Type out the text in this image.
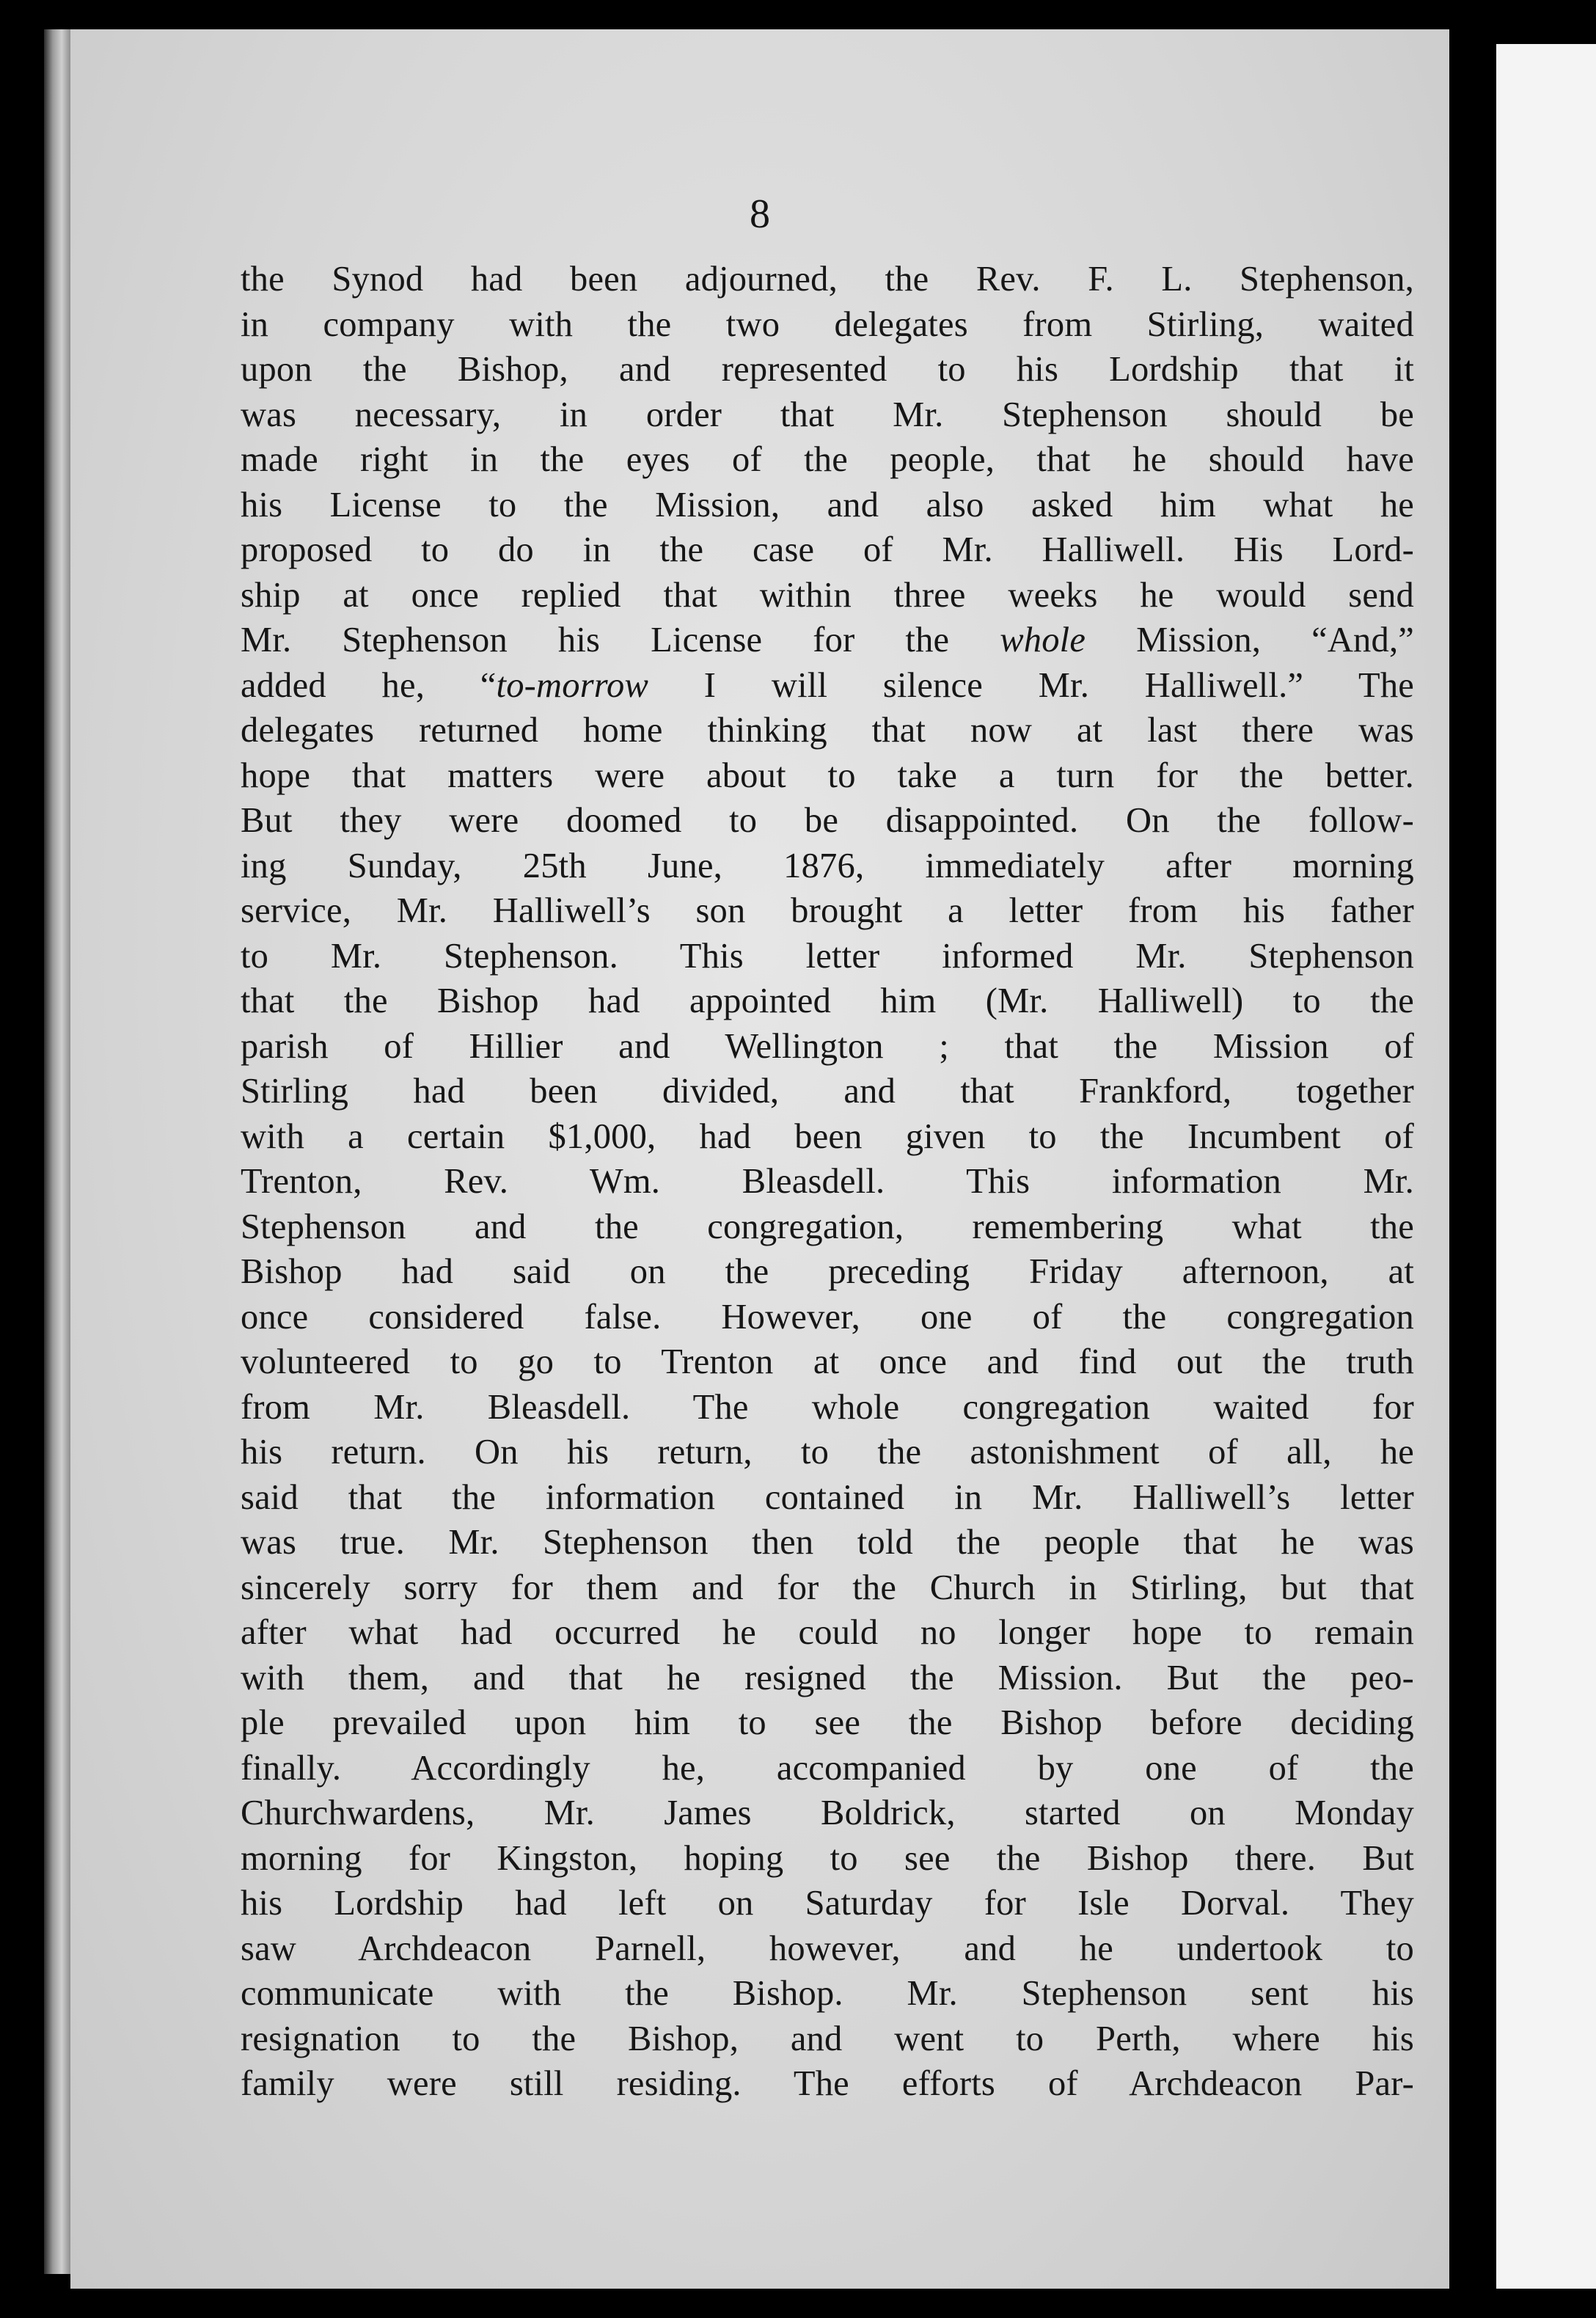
8
the Synod had been adjourned, the Rev. F. L. Stephenson,
in company with the two delegates from Stirling, waited
upon the Bishop, and represented to his Lordship that it
was necessary, in order that Mr. Stephenson should be
made right in the eyes of the people, that he should have
his License to the Mission, and also asked him what he
proposed to do in the case of Mr. Halliwell. His Lord-
ship at once replied that within three weeks he would send
Mr. Stephenson his License for the whole Mission, “And,”
added he, “to-morrow I will silence Mr. Halliwell.” The
delegates returned home thinking that now at last there was
hope that matters were about to take a turn for the better.
But they were doomed to be disappointed. On the follow-
ing Sunday, 25th June, 1876, immediately after morning
service, Mr. Halliwell’s son brought a letter from his father
to Mr. Stephenson. This letter informed Mr. Stephenson
that the Bishop had appointed him (Mr. Halliwell) to the
parish of Hillier and Wellington ; that the Mission of
Stirling had been divided, and that Frankford, together
with a certain $1,000, had been given to the Incumbent of
Trenton, Rev. Wm. Bleasdell. This information Mr.
Stephenson and the congregation, remembering what the
Bishop had said on the preceding Friday afternoon, at
once considered false. However, one of the congregation
volunteered to go to Trenton at once and find out the truth
from Mr. Bleasdell. The whole congregation waited for
his return. On his return, to the astonishment of all, he
said that the information contained in Mr. Halliwell’s letter
was true. Mr. Stephenson then told the people that he was
sincerely sorry for them and for the Church in Stirling, but that
after what had occurred he could no longer hope to remain
with them, and that he resigned the Mission. But the peo-
ple prevailed upon him to see the Bishop before deciding
finally. Accordingly he, accompanied by one of the
Churchwardens, Mr. James Boldrick, started on Monday
morning for Kingston, hoping to see the Bishop there. But
his Lordship had left on Saturday for Isle Dorval. They
saw Archdeacon Parnell, however, and he undertook to
communicate with the Bishop. Mr. Stephenson sent his
resignation to the Bishop, and went to Perth, where his
family were still residing. The efforts of Archdeacon Par-
